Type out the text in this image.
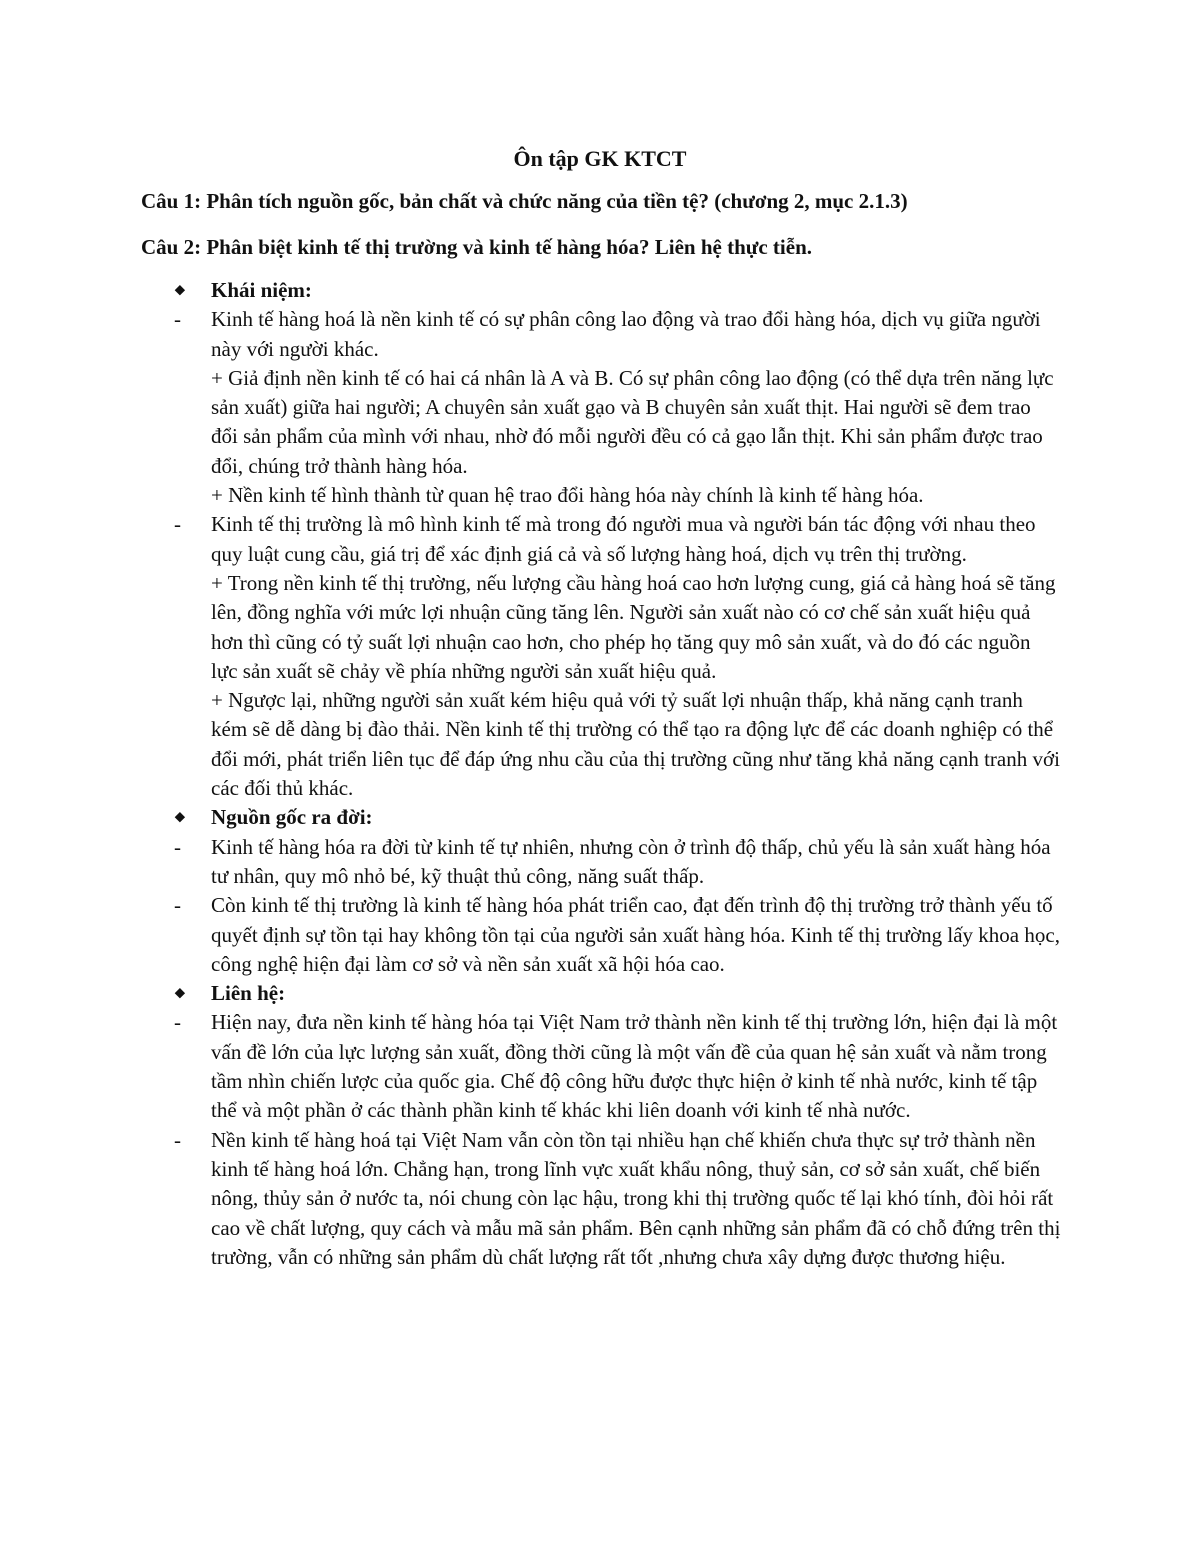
Ôn tập GK KTCT
Câu 1: Phân tích nguồn gốc, bản chất và chức năng của tiền tệ? (chương 2, mục 2.1.3)
Câu 2: Phân biệt kinh tế thị trường và kinh tế hàng hóa? Liên hệ thực tiễn.
⬥ Khái niệm:
- Kinh tế hàng hoá là nền kinh tế có sự phân công lao động và trao đổi hàng hóa, dịch vụ giữa người này với người khác.
+ Giả định nền kinh tế có hai cá nhân là A và B. Có sự phân công lao động (có thể dựa trên năng lực sản xuất) giữa hai người; A chuyên sản xuất gạo và B chuyên sản xuất thịt. Hai người sẽ đem trao đổi sản phẩm của mình với nhau, nhờ đó mỗi người đều có cả gạo lẫn thịt. Khi sản phẩm được trao đổi, chúng trở thành hàng hóa.
+ Nền kinh tế hình thành từ quan hệ trao đổi hàng hóa này chính là kinh tế hàng hóa.
- Kinh tế thị trường là mô hình kinh tế mà trong đó người mua và người bán tác động với nhau theo quy luật cung cầu, giá trị để xác định giá cả và số lượng hàng hoá, dịch vụ trên thị trường.
+ Trong nền kinh tế thị trường, nếu lượng cầu hàng hoá cao hơn lượng cung, giá cả hàng hoá sẽ tăng lên, đồng nghĩa với mức lợi nhuận cũng tăng lên. Người sản xuất nào có cơ chế sản xuất hiệu quả hơn thì cũng có tỷ suất lợi nhuận cao hơn, cho phép họ tăng quy mô sản xuất, và do đó các nguồn lực sản xuất sẽ chảy về phía những người sản xuất hiệu quả.
+ Ngược lại, những người sản xuất kém hiệu quả với tỷ suất lợi nhuận thấp, khả năng cạnh tranh kém sẽ dễ dàng bị đào thải. Nền kinh tế thị trường có thể tạo ra động lực để các doanh nghiệp có thể đổi mới, phát triển liên tục để đáp ứng nhu cầu của thị trường cũng như tăng khả năng cạnh tranh với các đối thủ khác.
⬥ Nguồn gốc ra đời:
- Kinh tế hàng hóa ra đời từ kinh tế tự nhiên, nhưng còn ở trình độ thấp, chủ yếu là sản xuất hàng hóa tư nhân, quy mô nhỏ bé, kỹ thuật thủ công, năng suất thấp.
- Còn kinh tế thị trường là kinh tế hàng hóa phát triển cao, đạt đến trình độ thị trường trở thành yếu tố quyết định sự tồn tại hay không tồn tại của người sản xuất hàng hóa. Kinh tế thị trường lấy khoa học, công nghệ hiện đại làm cơ sở và nền sản xuất xã hội hóa cao.
⬥ Liên hệ:
- Hiện nay, đưa nền kinh tế hàng hóa tại Việt Nam trở thành nền kinh tế thị trường lớn, hiện đại là một vấn đề lớn của lực lượng sản xuất, đồng thời cũng là một vấn đề của quan hệ sản xuất và nằm trong tầm nhìn chiến lược của quốc gia. Chế độ công hữu được thực hiện ở kinh tế nhà nước, kinh tế tập thể và một phần ở các thành phần kinh tế khác khi liên doanh với kinh tế nhà nước.
- Nền kinh tế hàng hoá tại Việt Nam vẫn còn tồn tại nhiều hạn chế khiến chưa thực sự trở thành nền kinh tế hàng hoá lớn. Chẳng hạn, trong lĩnh vực xuất khẩu nông, thuỷ sản, cơ sở sản xuất, chế biến nông, thủy sản ở nước ta, nói chung còn lạc hậu, trong khi thị trường quốc tế lại khó tính, đòi hỏi rất cao về chất lượng, quy cách và mẫu mã sản phẩm. Bên cạnh những sản phẩm đã có chỗ đứng trên thị trường, vẫn có những sản phẩm dù chất lượng rất tốt ,nhưng chưa xây dựng được thương hiệu.
